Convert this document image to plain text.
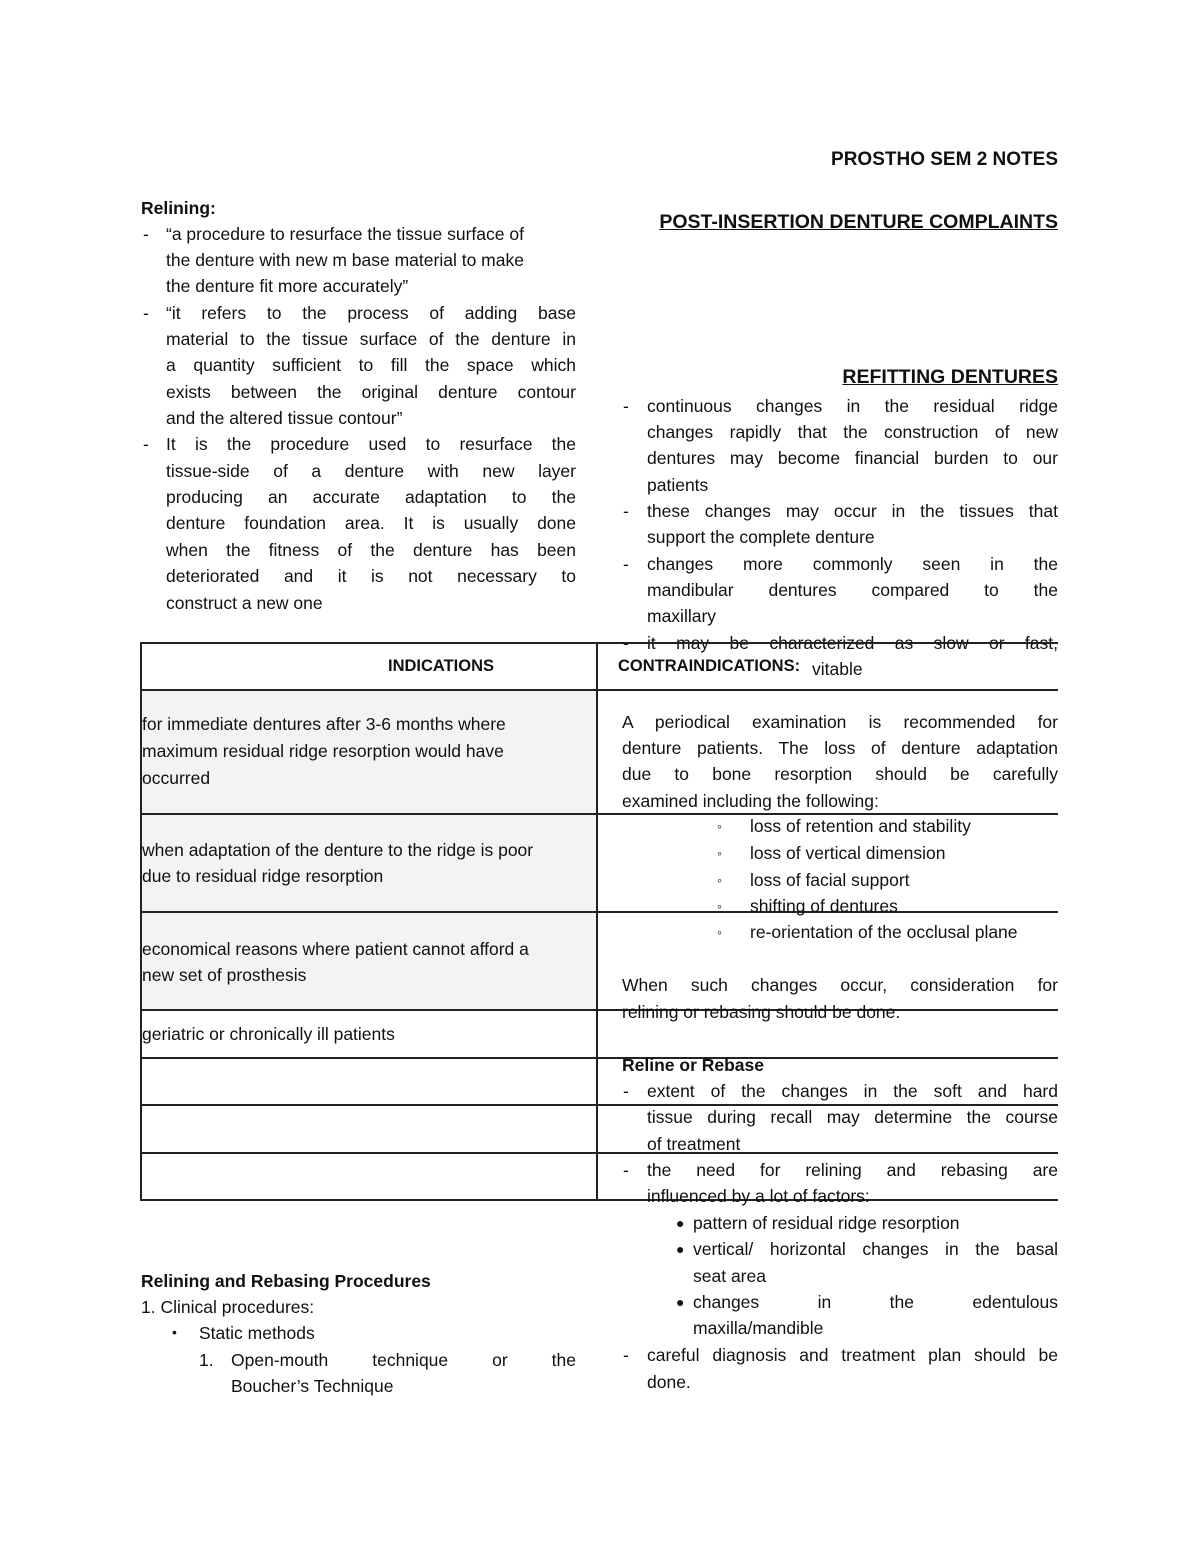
PROSTHO SEM 2 NOTES
Relining:
- “a procedure to resurface the tissue surface of
the denture with new m base material to make
the denture fit more accurately”
- “it refers to the process of adding base
material to the tissue surface of the denture in
a quantity sufficient to fill the space which
exists between the original denture contour
and the altered tissue contour”
- It is the procedure used to resurface the
tissue-side of a denture with new layer
producing an accurate adaptation to the
denture foundation area. It is usually done
when the fitness of the denture has been
deteriorated and it is not necessary to
construct a new one
POST-INSERTION DENTURE COMPLAINTS
REFITTING DENTURES
- continuous changes in the residual ridge
changes rapidly that the construction of new
dentures may become financial burden to our
patients
- these changes may occur in the tissues that
support the complete denture
- changes more commonly seen in the
mandibular dentures compared to the
maxillary
- it may be characterized as slow or fast,
vitable
INDICATIONS	CONTRAINDICATIONS:
for immediate dentures after 3-6 months where
maximum residual ridge resorption would have
occurred
when adaptation of the denture to the ridge is poor
due to residual ridge resorption
economical reasons where patient cannot afford a
new set of prosthesis
geriatric or chronically ill patients
A periodical examination is recommended for
denture patients. The loss of denture adaptation
due to bone resorption should be carefully
examined including the following:
◦ loss of retention and stability
◦ loss of vertical dimension
◦ loss of facial support
◦ shifting of dentures
◦ re-orientation of the occlusal plane
When such changes occur, consideration for
relining or rebasing should be done.
Reline or Rebase
- extent of the changes in the soft and hard
tissue during recall may determine the course
of treatment
- the need for relining and rebasing are
influenced by a lot of factors:
● pattern of residual ridge resorption
● vertical/ horizontal changes in the basal
seat area
● changes in the edentulous
maxilla/mandible
- careful diagnosis and treatment plan should be
done.
Relining and Rebasing Procedures
1. Clinical procedures:
• Static methods
1. Open-mouth technique or the
Boucher’s Technique
